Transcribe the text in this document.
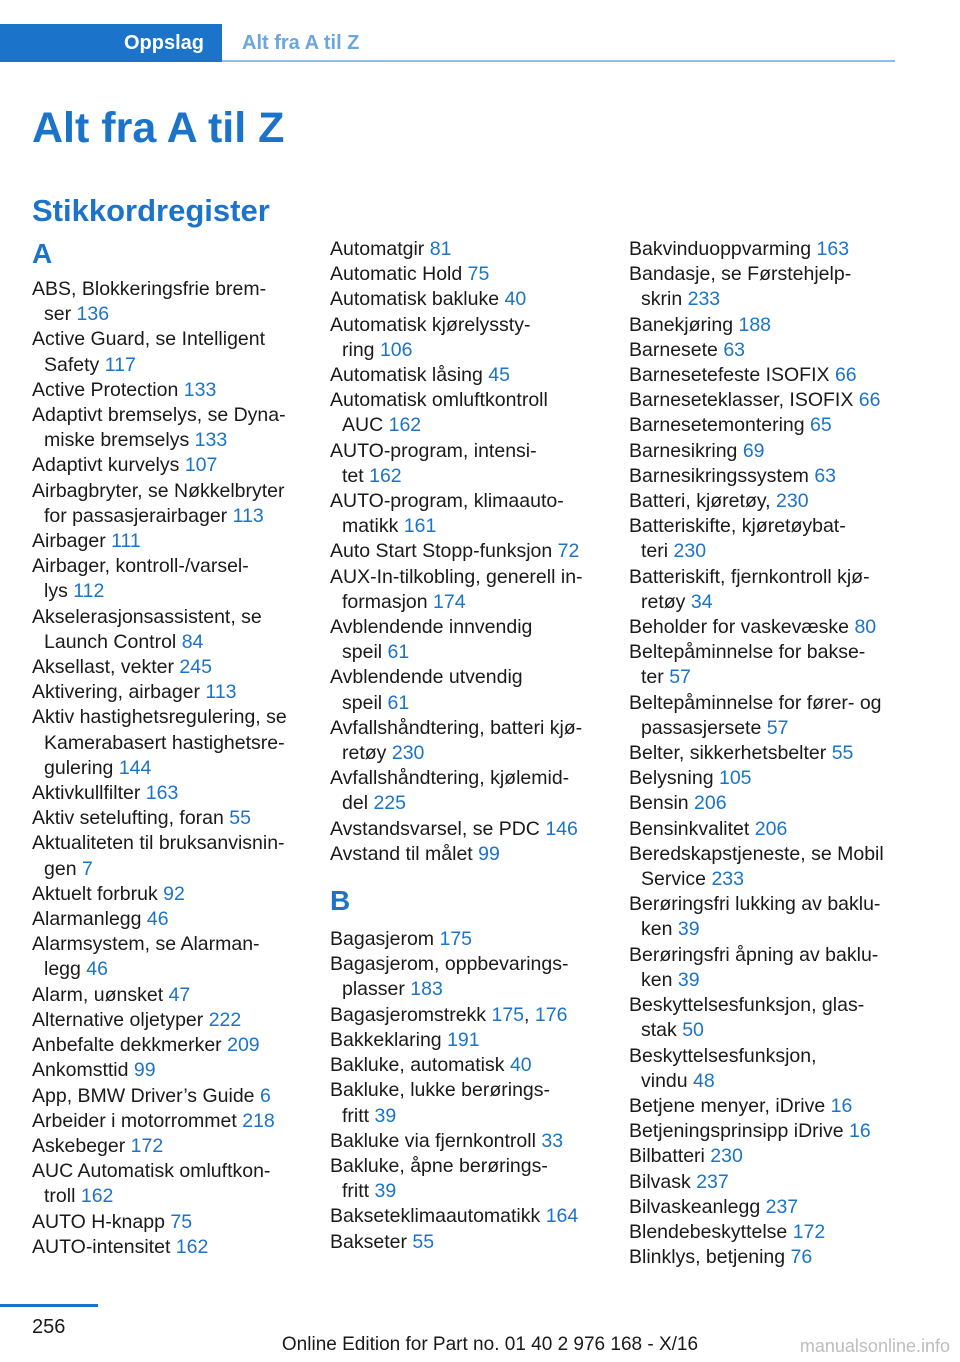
Oppslag	Alt fra A til Z
Alt fra A til Z
Stikkordregister
A
ABS, Blokkeringsfrie brem‐
ser 136
Active Guard, se Intelligent
Safety 117
Active Protection 133
Adaptivt bremselys, se Dyna‐
miske bremselys 133
Adaptivt kurvelys 107
Airbagbryter, se Nøkkelbryter
for passasjerairbager 113
Airbager 111
Airbager, kontroll-/varsel‐
lys 112
Akselerasjonsassistent, se
Launch Control 84
Aksellast, vekter 245
Aktivering, airbager 113
Aktiv hastighetsregulering, se
Kamerabasert hastighetsre‐
gulering 144
Aktivkullfilter 163
Aktiv setelufting, foran 55
Aktualiteten til bruksanvisnin‐
gen 7
Aktuelt forbruk 92
Alarmanlegg 46
Alarmsystem, se Alarman‐
legg 46
Alarm, uønsket 47
Alternative oljetyper 222
Anbefalte dekkmerker 209
Ankomsttid 99
App, BMW Driver’s Guide 6
Arbeider i motorrommet 218
Askebeger 172
AUC Automatisk omluftkon‐
troll 162
AUTO H-knapp 75
AUTO-intensitet 162
Automatgir 81
Automatic Hold 75
Automatisk bakluke 40
Automatisk kjørelyssty‐
ring 106
Automatisk låsing 45
Automatisk omluftkontroll
AUC 162
AUTO-program, intensi‐
tet 162
AUTO-program, klimaauto‐
matikk 161
Auto Start Stopp-funksjon 72
AUX-In-tilkobling, generell in‐
formasjon 174
Avblendende innvendig
speil 61
Avblendende utvendig
speil 61
Avfallshåndtering, batteri kjø‐
retøy 230
Avfallshåndtering, kjølemid‐
del 225
Avstandsvarsel, se PDC 146
Avstand til målet 99
B
Bagasjerom 175
Bagasjerom, oppbevarings‐
plasser 183
Bagasjeromstrekk 175, 176
Bakkeklaring 191
Bakluke, automatisk 40
Bakluke, lukke berørings‐
fritt 39
Bakluke via fjernkontroll 33
Bakluke, åpne berørings‐
fritt 39
Bakseteklimaautomatikk 164
Bakseter 55
Bakvinduoppvarming 163
Bandasje, se Førstehjelp‐
skrin 233
Banekjøring 188
Barnesete 63
Barnesetefeste ISOFIX 66
Barneseteklasser, ISOFIX 66
Barnesetemontering 65
Barnesikring 69
Barnesikringssystem 63
Batteri, kjøretøy, 230
Batteriskifte, kjøretøybat‐
teri 230
Batteriskift, fjernkontroll kjø‐
retøy 34
Beholder for vaskevæske 80
Beltepåminnelse for bakse‐
ter 57
Beltepåminnelse for fører- og
passasjersete 57
Belter, sikkerhetsbelter 55
Belysning 105
Bensin 206
Bensinkvalitet 206
Beredskapstjeneste, se Mobil
Service 233
Berøringsfri lukking av baklu‐
ken 39
Berøringsfri åpning av baklu‐
ken 39
Beskyttelsesfunksjon, glas‐
stak 50
Beskyttelsesfunksjon,
vindu 48
Betjene menyer, iDrive 16
Betjeningsprinsipp iDrive 16
Bilbatteri 230
Bilvask 237
Bilvaskeanlegg 237
Blendebeskyttelse 172
Blinklys, betjening 76
256
Online Edition for Part no. 01 40 2 976 168 - X/16	manualsonline.info
